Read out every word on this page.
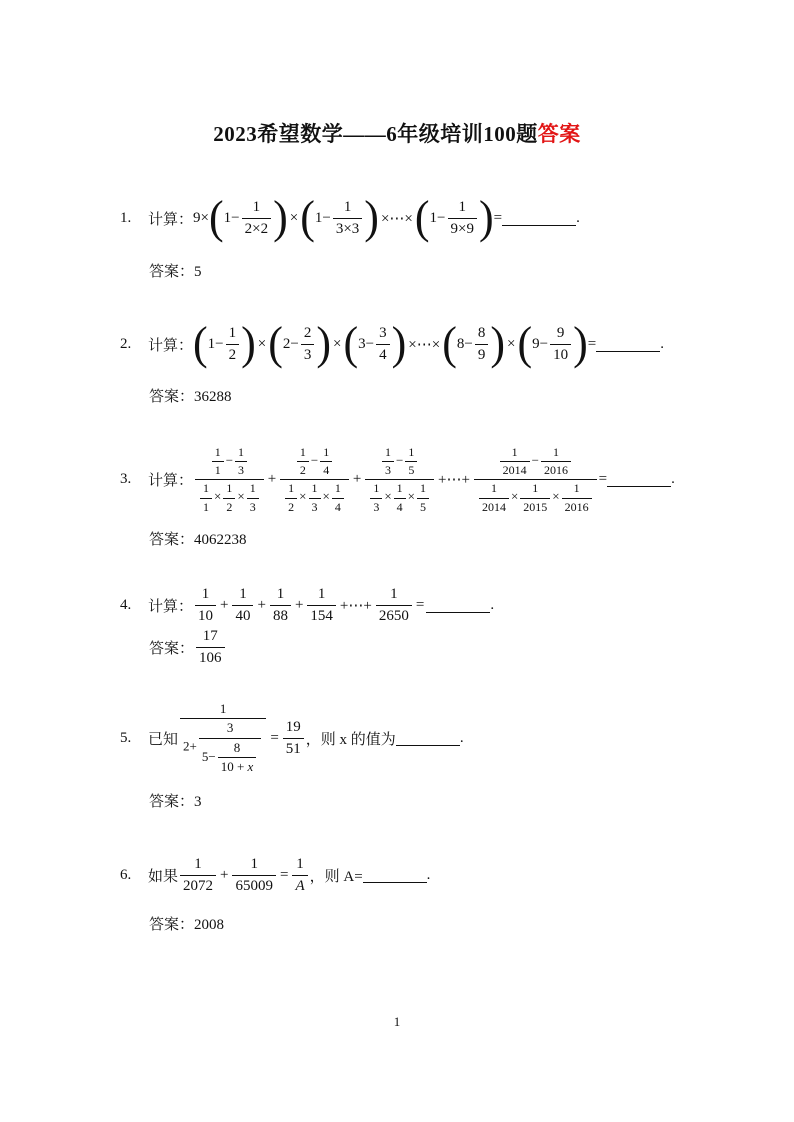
2023希望数学——6年级培训100题答案
1.	计算： 9× ( 1−
1
2×2
)
×	( 1−
1
3×3
)
×⋯×	( 1−
1
9×9
)
=	.
答案：5
2.	计算： ( 1−
1
2
)
×	( 2−
2
3
)
×	( 3−
3
4
)
×⋯×	( 8−
8
9
)
×	( 9−
9
10
)
=	.
答案：36288
3.	计算：
$\frac{1}{1} - \frac{1}{3}$
$\frac{1}{1} \times \frac{1}{2} \times \frac{1}{3}$
+ $\frac{\frac{1}{2} - \frac{1}{4}}{\frac{1}{2} \times \frac{1}{3} \times \frac{1}{4}} + \frac{\frac{1}{3} - \frac{1}{5}}{\frac{1}{3} \times \frac{1}{4} \times \frac{1}{5}}$ +⋯+ $\frac{\frac{1}{2014} - \frac{1}{2016}}{\frac{1}{2014} \times \frac{1}{2015} \times \frac{1}{2016}}$ =	.
答案：4062238
4.	计算：
1
10
+ $\frac{1}{40} + \frac{1}{88} + \frac{1}{154}$ +⋯+ $\frac{1}{2650}$ =	.
答案：
17
106
5.	已知 $\frac{1}{2+ \frac{3}{5- \frac{8}{10 + x}}} = \frac{19}{51}$ ，则 x 的值为	.
答案：3
6.	如果
1
2072
+ $\frac{1}{65009} = \frac{1}{A}$ ，则 A=	.
答案：2008
1
